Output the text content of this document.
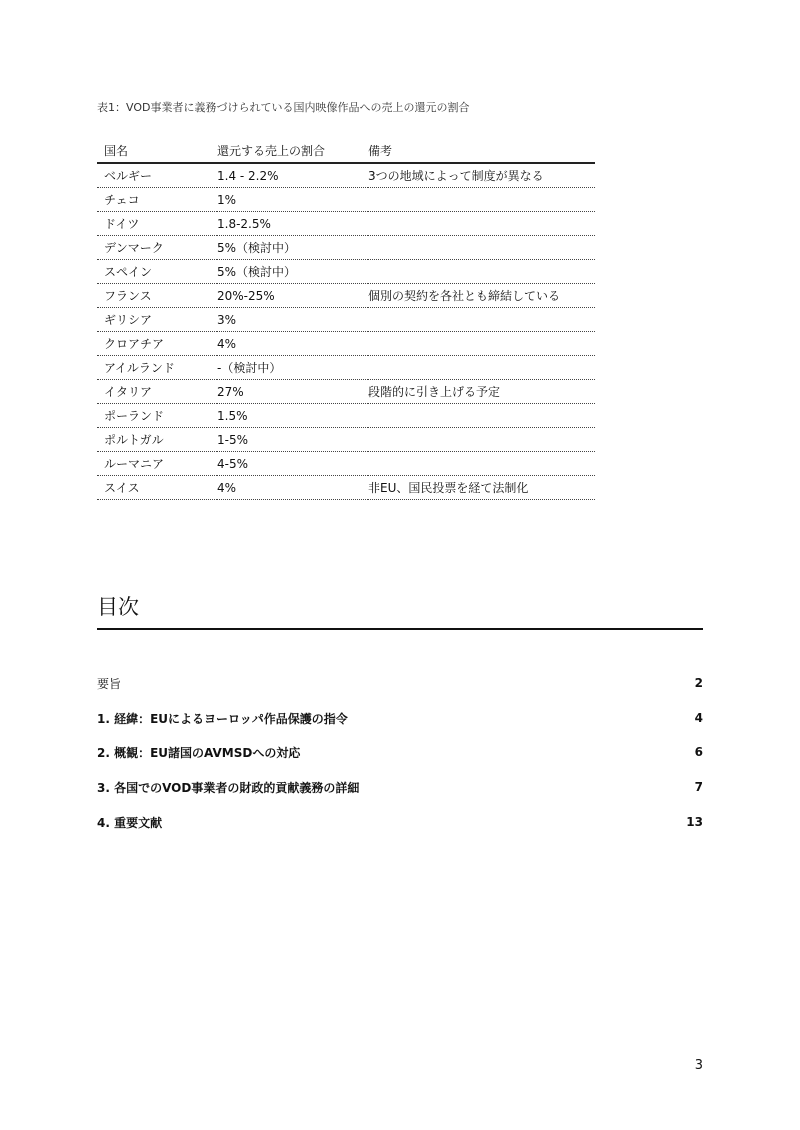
表1：VOD事業者に義務づけられている国内映像作品への売上の還元の割合
国名	還元する売上の割合	備考
ベルギー	1.4 - 2.2%	3つの地域によって制度が異なる
チェコ	1%	
ドイツ	1.8-2.5%	
デンマーク	5%（検討中）	
スペイン	5%（検討中）	
フランス	20%-25%	個別の契約を各社とも締結している
ギリシア	3%	
クロアチア	4%	
アイルランド	-（検討中）	
イタリア	27%	段階的に引き上げる予定
ポーランド	1.5%	
ポルトガル	1-5%	
ルーマニア	4-5%	
スイス	4%	非EU、国民投票を経て法制化
目次
要旨	2
1. 経緯：EUによるヨーロッパ作品保護の指令	4
2. 概観：EU諸国のAVMSDへの対応	6
3. 各国でのVOD事業者の財政的貢献義務の詳細	7
4. 重要文献	13
3
